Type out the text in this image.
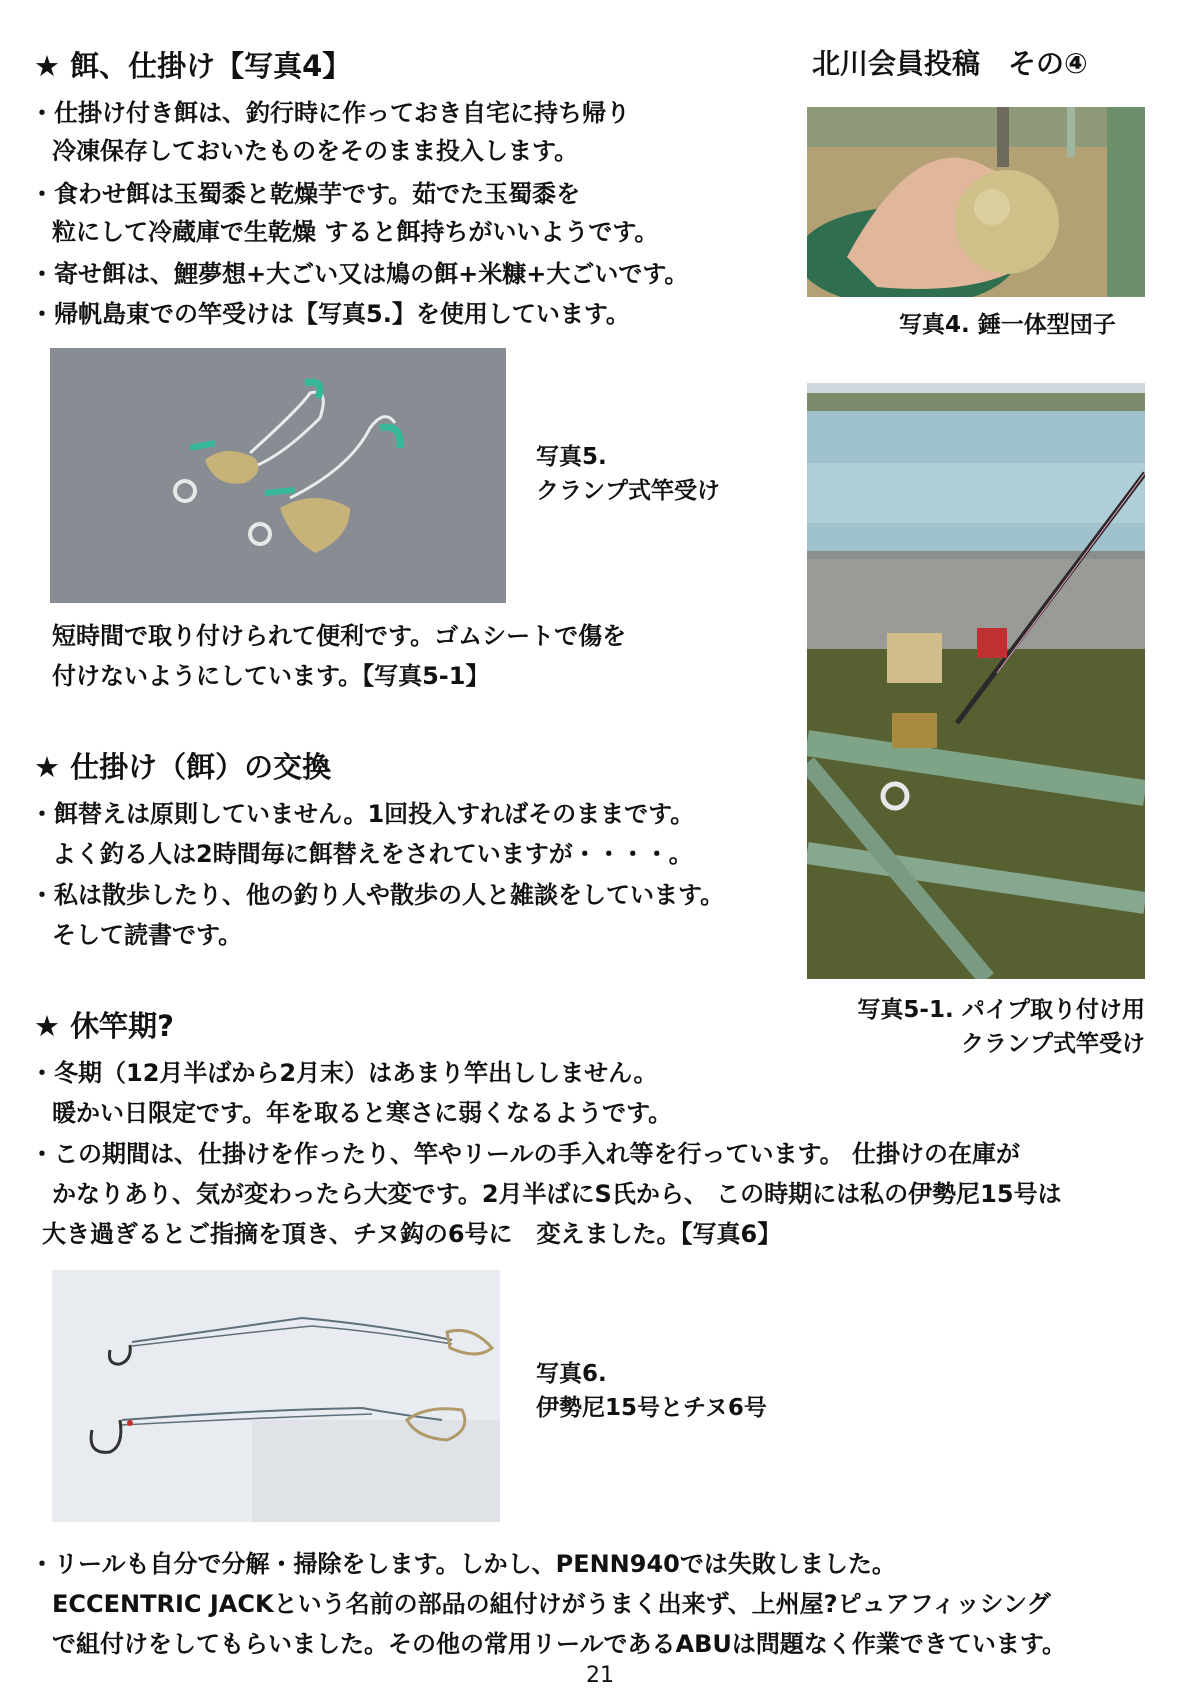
北川会員投稿　その④
★ 餌、仕掛け【写真4】
・仕掛け付き餌は、釣行時に作っておき自宅に持ち帰り
冷凍保存しておいたものをそのまま投入します。
・食わせ餌は玉蜀黍と乾燥芋です。茹でた玉蜀黍を
粒にして冷蔵庫で生乾燥 すると餌持ちがいいようです。
・寄せ餌は、鯉夢想+大ごい又は鳩の餌+米糠+大ごいです。
・帰帆島東での竿受けは【写真5.】を使用しています。	写真4. 錘一体型団子
写真5.
クランプ式竿受け
短時間で取り付けられて便利です。ゴムシートで傷を
付けないようにしています。【写真5-1】
写真5-1. パイプ取り付け用
クランプ式竿受け
★ 仕掛け（餌）の交換
・餌替えは原則していません。1回投入すればそのままです。
よく釣る人は2時間毎に餌替えをされていますが・・・・。
・私は散歩したり、他の釣り人や散歩の人と雑談をしています。
そして読書です。
★ 休竿期?
・冬期（12月半ばから2月末）はあまり竿出ししません。
暖かい日限定です。年を取ると寒さに弱くなるようです。
・この期間は、仕掛けを作ったり、竿やリールの手入れ等を行っています。 仕掛けの在庫が
かなりあり、気が変わったら大変です。2月半ばにS氏から、 この時期には私の伊勢尼15号は
大き過ぎるとご指摘を頂き、チヌ鈎の6号に　変えました。【写真6】
写真6.
伊勢尼15号とチヌ6号
・リールも自分で分解・掃除をします。しかし、PENN940では失敗しました。
ECCENTRIC JACKという名前の部品の組付けがうまく出来ず、上州屋?ピュアフィッシング
で組付けをしてもらいました。その他の常用リールであるABUは問題なく作業できています。
21
